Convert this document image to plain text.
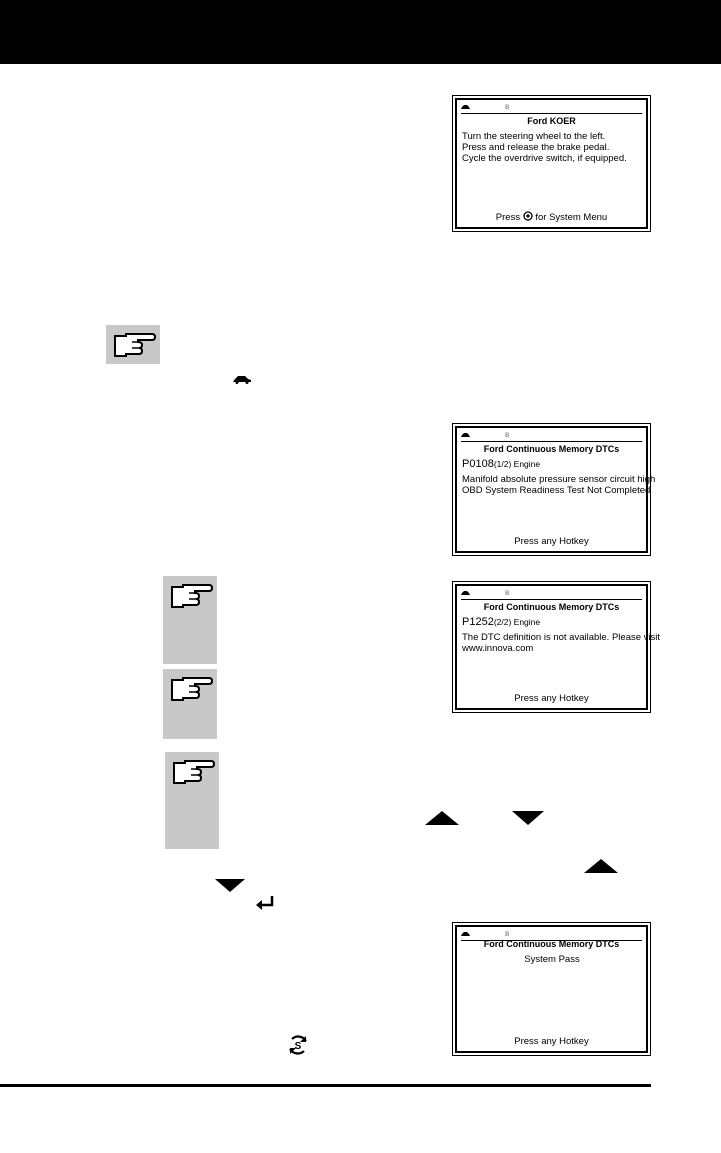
ʙ
Ford KOER
Turn the steering wheel to the left.
Press and release the brake pedal.
Cycle the overdrive switch, if equipped.
Press for System Menu
ʙ
Ford Continuous Memory DTCs
P0108(1/2) Engine
Manifold absolute pressure sensor circuit high
OBD System Readiness Test Not Completed
Press any Hotkey
ʙ
Ford Continuous Memory DTCs
P1252(2/2) Engine
The DTC definition is not available. Please visit
www.innova.com
Press any Hotkey
ʙ
Ford Continuous Memory DTCs
System Pass
Press any Hotkey
S
